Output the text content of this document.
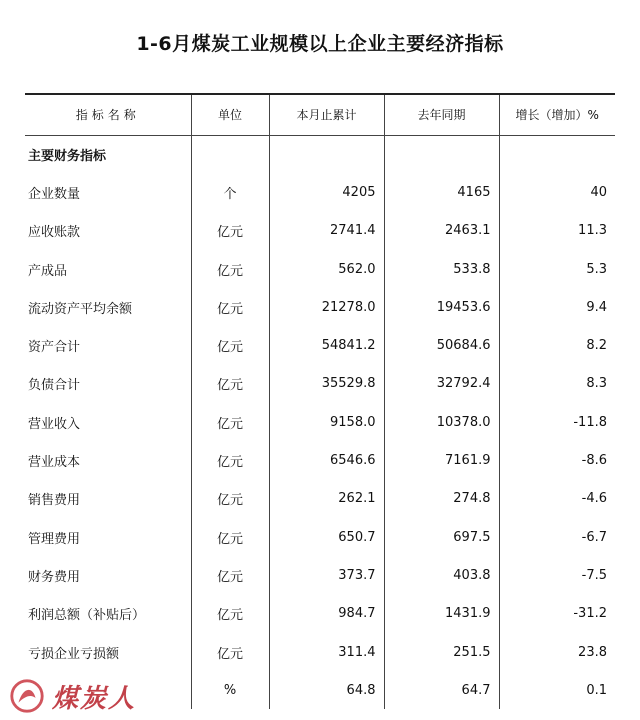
1-6月煤炭工业规模以上企业主要经济指标
指标名称	单位	本月止累计	去年同期	增长（增加）%
主要财务指标				
企业数量	个	4205	4165	40
应收账款	亿元	2741.4	2463.1	11.3
产成品	亿元	562.0	533.8	5.3
流动资产平均余额	亿元	21278.0	19453.6	9.4
资产合计	亿元	54841.2	50684.6	8.2
负债合计	亿元	35529.8	32792.4	8.3
营业收入	亿元	9158.0	10378.0	-11.8
营业成本	亿元	6546.6	7161.9	-8.6
销售费用	亿元	262.1	274.8	-4.6
管理费用	亿元	650.7	697.5	-6.7
财务费用	亿元	373.7	403.8	-7.5
利润总额（补贴后）	亿元	984.7	1431.9	-31.2
亏损企业亏损额	亿元	311.4	251.5	23.8
	%	64.8	64.7	0.1
煤炭人
